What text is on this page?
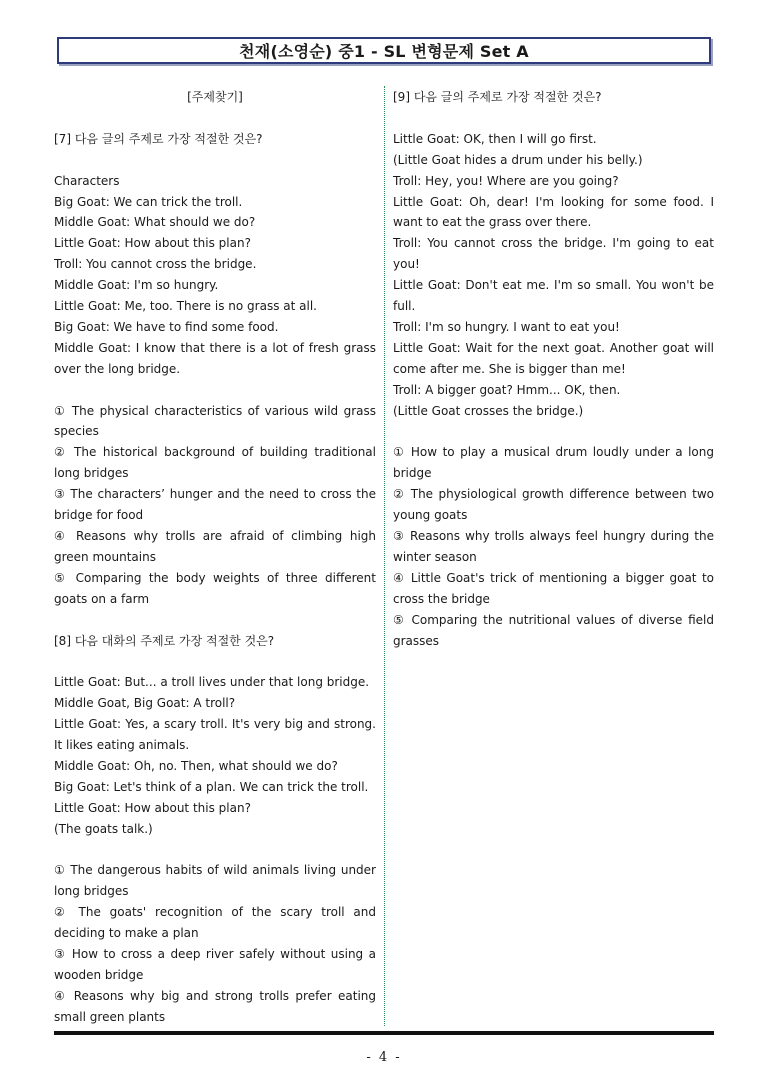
천재(소영순) 중1 - SL 변형문제 Set A

[주제찾기]

[7] 다음 글의 주제로 가장 적절한 것은?

Characters

Big Goat: We can trick the troll.

Middle Goat: What should we do?

Little Goat: How about this plan?

Troll: You cannot cross the bridge.

Middle Goat: I'm so hungry.

Little Goat: Me, too. There is no grass at all.

Big Goat: We have to find some food.

Middle Goat: I know that there is a lot of fresh grass over the long bridge.

① The physical characteristics of various wild grass species

② The historical background of building traditional long bridges

③ The characters’ hunger and the need to cross the bridge for food

④ Reasons why trolls are afraid of climbing high green mountains

⑤ Comparing the body weights of three different goats on a farm

[8] 다음 대화의 주제로 가장 적절한 것은?

Little Goat: But... a troll lives under that long bridge.

Middle Goat, Big Goat: A troll?

Little Goat: Yes, a scary troll. It's very big and strong. It likes eating animals.

Middle Goat: Oh, no. Then, what should we do?

Big Goat: Let's think of a plan. We can trick the troll.

Little Goat: How about this plan?

(The goats talk.)

① The dangerous habits of wild animals living under long bridges

② The goats' recognition of the scary troll and deciding to make a plan

③ How to cross a deep river safely without using a wooden bridge

④ Reasons why big and strong trolls prefer eating small green plants

[9] 다음 글의 주제로 가장 적절한 것은?

Little Goat: OK, then I will go first.

(Little Goat hides a drum under his belly.)

Troll: Hey, you! Where are you going?

Little Goat: Oh, dear! I'm looking for some food. I want to eat the grass over there.

Troll: You cannot cross the bridge. I'm going to eat you!

Little Goat: Don't eat me. I'm so small. You won't be full.

Troll: I'm so hungry. I want to eat you!

Little Goat: Wait for the next goat. Another goat will come after me. She is bigger than me!

Troll: A bigger goat? Hmm... OK, then.

(Little Goat crosses the bridge.)

① How to play a musical drum loudly under a long bridge

② The physiological growth difference between two young goats

③ Reasons why trolls always feel hungry during the winter season

④ Little Goat's trick of mentioning a bigger goat to cross the bridge

⑤ Comparing the nutritional values of diverse field grasses

- 4 -
